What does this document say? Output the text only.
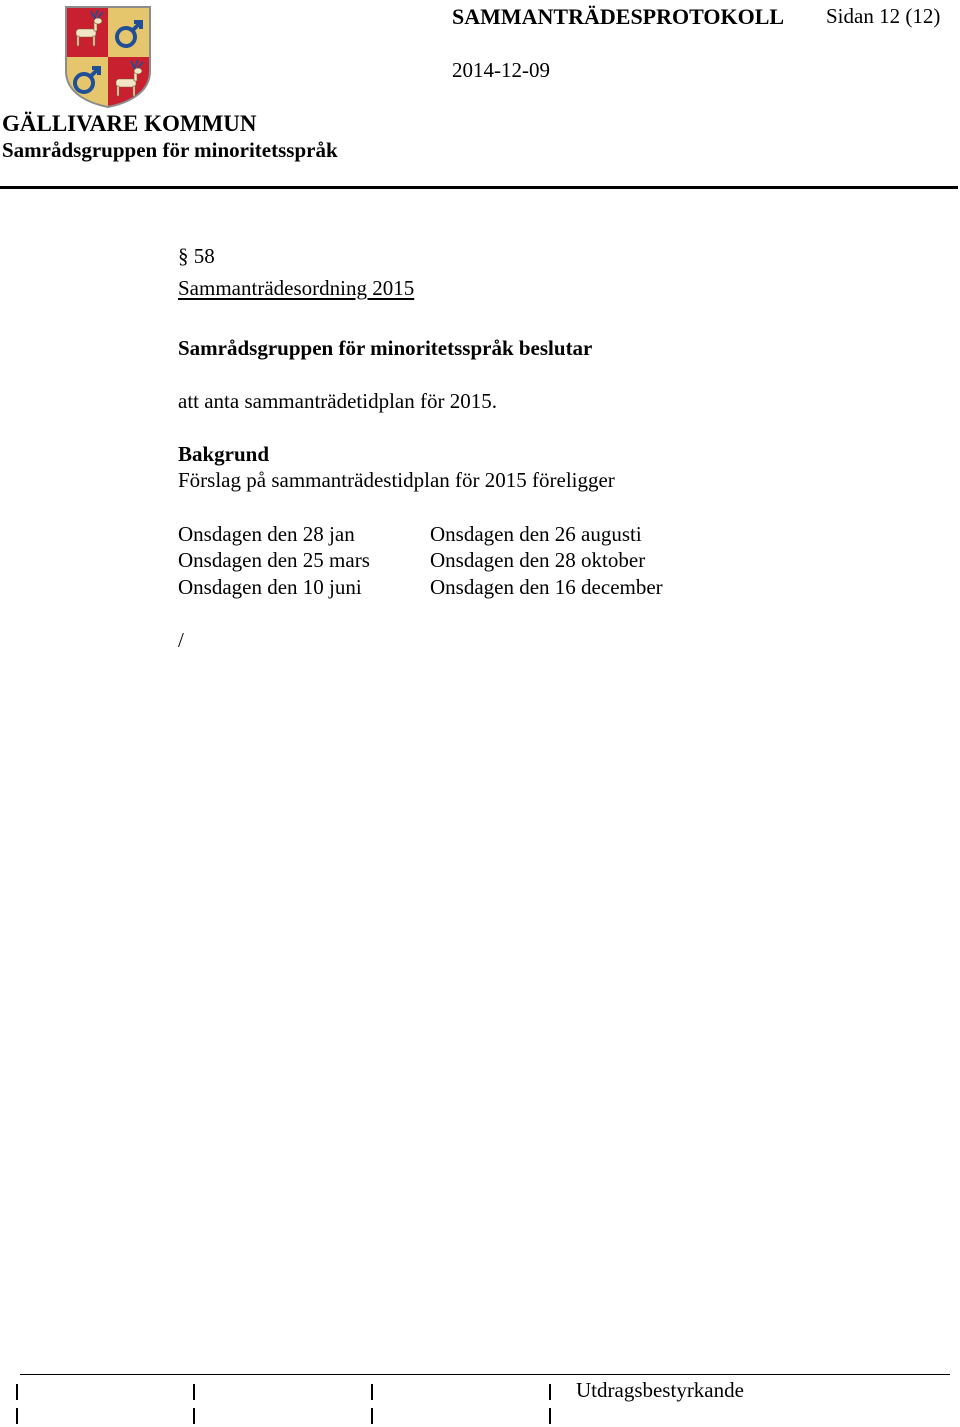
SAMMANTRÄDESPROTOKOLL Sidan 12 (12)
2014-12-09
GÄLLIVARE KOMMUN
Samrådsgruppen för minoritetsspråk
§ 58
Sammanträdesordning 2015
Samrådsgruppen för minoritetsspråk beslutar
att anta sammanträdetidplan för 2015.
Bakgrund
Förslag på sammanträdestidplan för 2015 föreligger
Onsdagen den 28 jan
Onsdagen den 25 mars
Onsdagen den 10 juni
Onsdagen den 26 augusti
Onsdagen den 28 oktober
Onsdagen den 16 december
/
Utdragsbestyrkande
